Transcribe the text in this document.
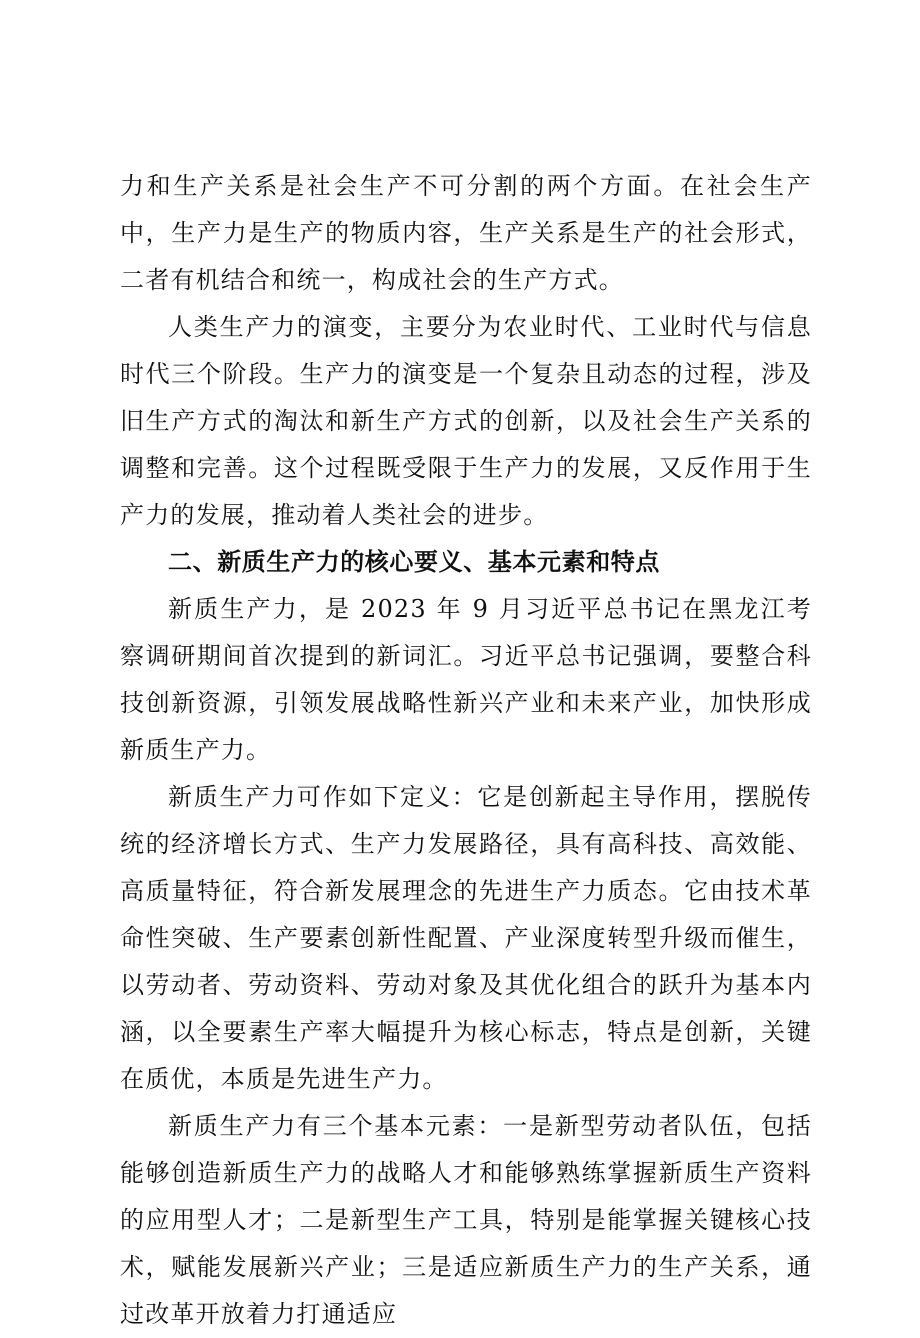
力和生产关系是社会生产不可分割的两个方面。在社会生产中，生产力是生产的物质内容，生产关系是生产的社会形式，二者有机结合和统一，构成社会的生产方式。

人类生产力的演变，主要分为农业时代、工业时代与信息时代三个阶段。生产力的演变是一个复杂且动态的过程，涉及旧生产方式的淘汰和新生产方式的创新，以及社会生产关系的调整和完善。这个过程既受限于生产力的发展，又反作用于生产力的发展，推动着人类社会的进步。

二、新质生产力的核心要义、基本元素和特点

新质生产力，是 2023 年 9 月习近平总书记在黑龙江考察调研期间首次提到的新词汇。习近平总书记强调，要整合科技创新资源，引领发展战略性新兴产业和未来产业，加快形成新质生产力。

新质生产力可作如下定义：它是创新起主导作用，摆脱传统的经济增长方式、生产力发展路径，具有高科技、高效能、高质量特征，符合新发展理念的先进生产力质态。它由技术革命性突破、生产要素创新性配置、产业深度转型升级而催生，以劳动者、劳动资料、劳动对象及其优化组合的跃升为基本内涵，以全要素生产率大幅提升为核心标志，特点是创新，关键在质优，本质是先进生产力。

新质生产力有三个基本元素：一是新型劳动者队伍，包括能够创造新质生产力的战略人才和能够熟练掌握新质生产资料的应用型人才；二是新型生产工具，特别是能掌握关键核心技术，赋能发展新兴产业；三是适应新质生产力的生产关系，通过改革开放着力打通适应
